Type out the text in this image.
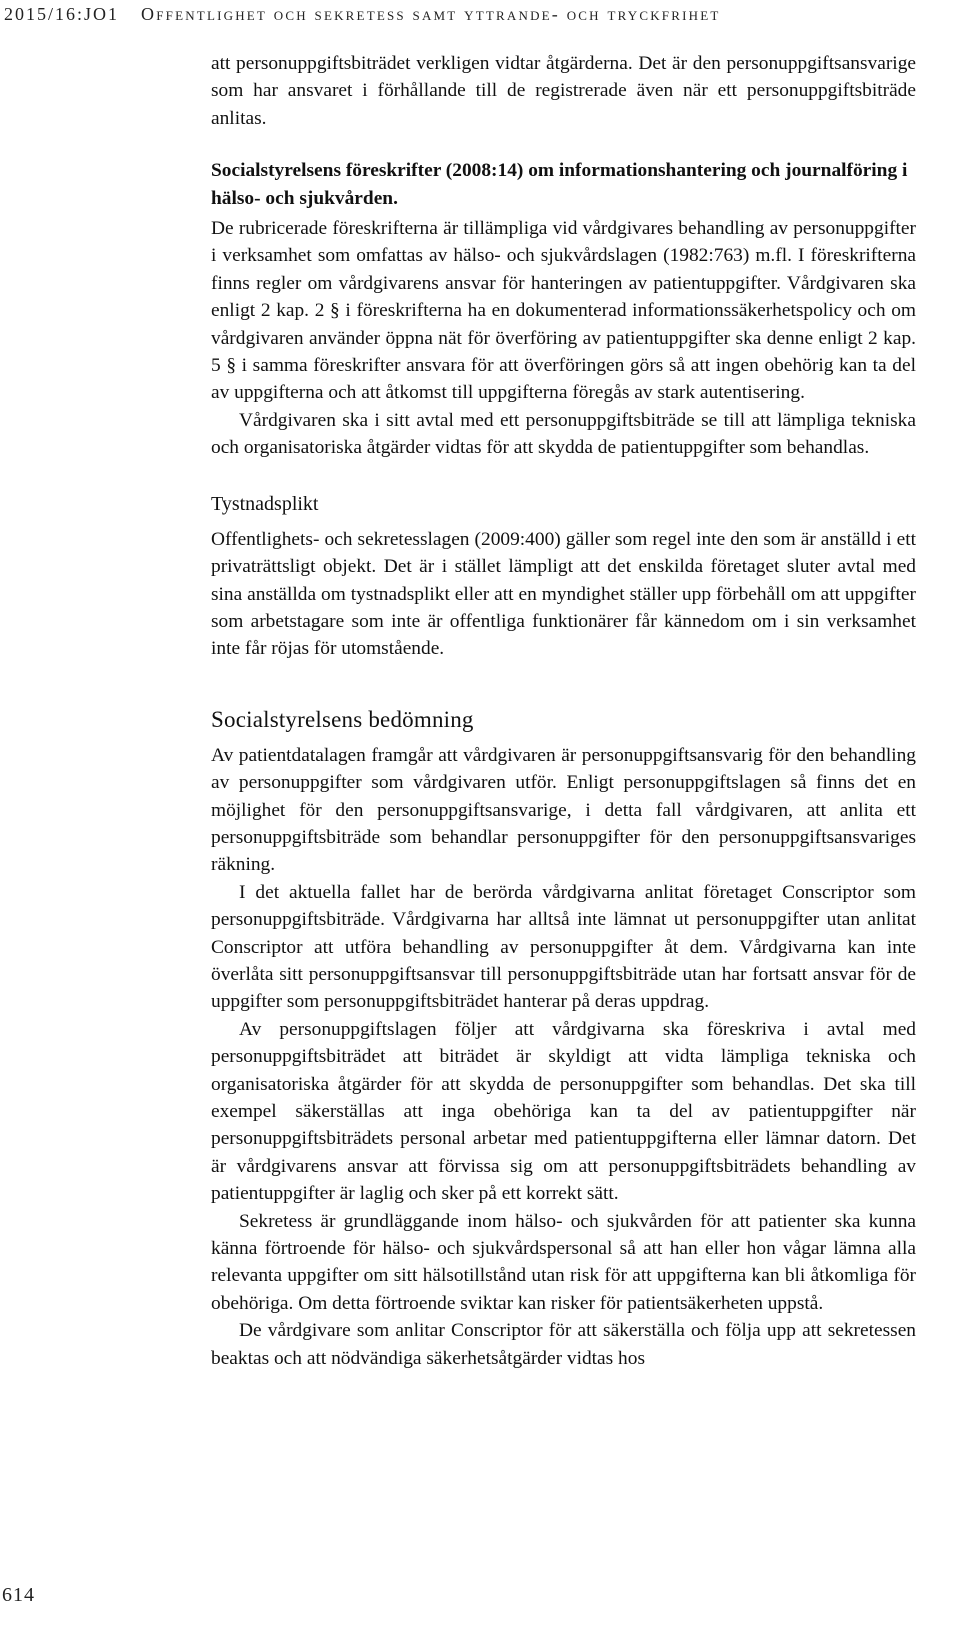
2015/16:JO1 Offentlighet och sekretess samt yttrande- och tryckfrihet

att personuppgiftsbiträdet verkligen vidtar åtgärderna. Det är den personuppgiftsansvarige som har ansvaret i förhållande till de registrerade även när ett personuppgiftsbiträde anlitas.

Socialstyrelsens föreskrifter (2008:14) om informationshantering och journalföring i hälso- och sjukvården.

De rubricerade föreskrifterna är tillämpliga vid vårdgivares behandling av personuppgifter i verksamhet som omfattas av hälso- och sjukvårdslagen (1982:763) m.fl. I föreskrifterna finns regler om vårdgivarens ansvar för hanteringen av patientuppgifter. Vårdgivaren ska enligt 2 kap. 2 § i föreskrifterna ha en dokumenterad informationssäkerhetspolicy och om vårdgivaren använder öppna nät för överföring av patientuppgifter ska denne enligt 2 kap. 5 § i samma föreskrifter ansvara för att överföringen görs så att ingen obehörig kan ta del av uppgifterna och att åtkomst till uppgifterna föregås av stark autentisering.

Vårdgivaren ska i sitt avtal med ett personuppgiftsbiträde se till att lämpliga tekniska och organisatoriska åtgärder vidtas för att skydda de patientuppgifter som behandlas.

Tystnadsplikt

Offentlighets- och sekretesslagen (2009:400) gäller som regel inte den som är anställd i ett privaträttsligt objekt. Det är i stället lämpligt att det enskilda företaget sluter avtal med sina anställda om tystnadsplikt eller att en myndighet ställer upp förbehåll om att uppgifter som arbetstagare som inte är offentliga funktionärer får kännedom om i sin verksamhet inte får röjas för utomstående.

Socialstyrelsens bedömning

Av patientdatalagen framgår att vårdgivaren är personuppgiftsansvarig för den behandling av personuppgifter som vårdgivaren utför. Enligt personuppgiftslagen så finns det en möjlighet för den personuppgiftsansvarige, i detta fall vårdgivaren, att anlita ett personuppgiftsbiträde som behandlar personuppgifter för den personuppgiftsansvariges räkning.

I det aktuella fallet har de berörda vårdgivarna anlitat företaget Conscriptor som personuppgiftsbiträde. Vårdgivarna har alltså inte lämnat ut personuppgifter utan anlitat Conscriptor att utföra behandling av personuppgifter åt dem. Vårdgivarna kan inte överlåta sitt personuppgiftsansvar till personuppgiftsbiträde utan har fortsatt ansvar för de uppgifter som personuppgiftsbiträdet hanterar på deras uppdrag.

Av personuppgiftslagen följer att vårdgivarna ska föreskriva i avtal med personuppgiftsbiträdet att biträdet är skyldigt att vidta lämpliga tekniska och organisatoriska åtgärder för att skydda de personuppgifter som behandlas. Det ska till exempel säkerställas att inga obehöriga kan ta del av patientuppgifter när personuppgiftsbiträdets personal arbetar med patientuppgifterna eller lämnar datorn. Det är vårdgivarens ansvar att förvissa sig om att personuppgiftsbiträdets behandling av patientuppgifter är laglig och sker på ett korrekt sätt.

Sekretess är grundläggande inom hälso- och sjukvården för att patienter ska kunna känna förtroende för hälso- och sjukvårdspersonal så att han eller hon vågar lämna alla relevanta uppgifter om sitt hälsotillstånd utan risk för att uppgifterna kan bli åtkomliga för obehöriga. Om detta förtroende sviktar kan risker för patientsäkerheten uppstå.

De vårdgivare som anlitar Conscriptor för att säkerställa och följa upp att sekretessen beaktas och att nödvändiga säkerhetsåtgärder vidtas hos

614
